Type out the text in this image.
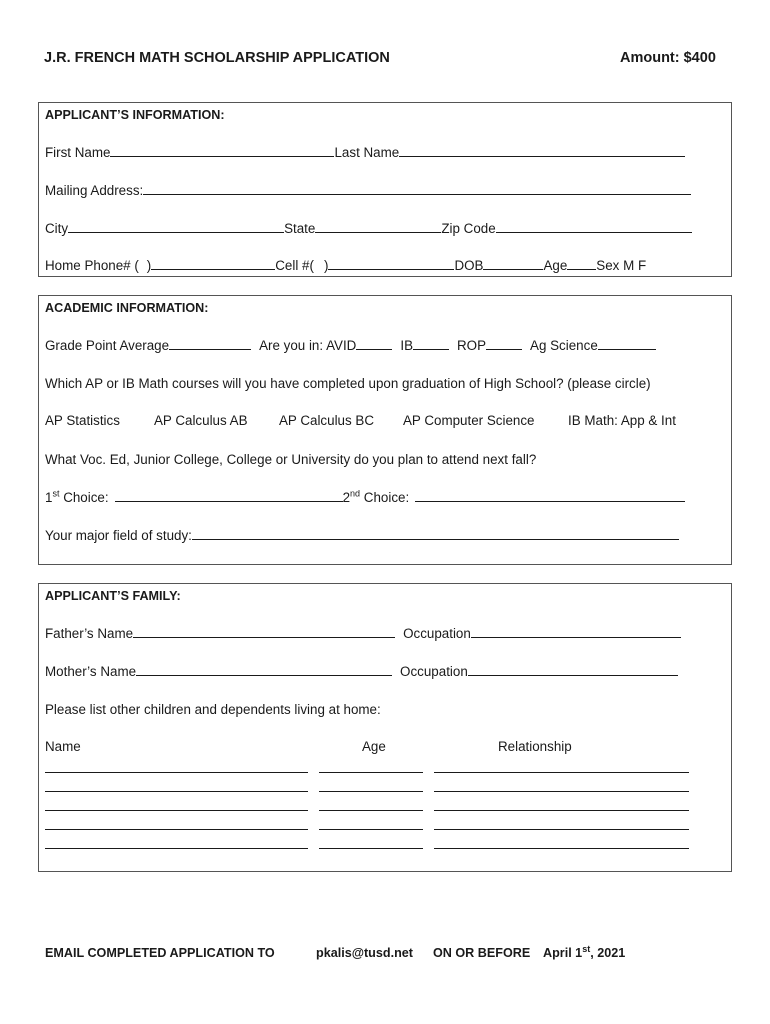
J.R. FRENCH MATH SCHOLARSHIP APPLICATION	Amount: $400
APPLICANT’S INFORMATION:
First Name	Last Name
Mailing Address:
City	State	Zip Code
Home Phone# ( )	Cell #( )	DOB	Age Sex M F
ACADEMIC INFORMATION:
Grade Point Average	Are you in: AVID	IB	ROP	Ag Science
Which AP or IB Math courses will you have completed upon graduation of High School? (please circle)
AP Statistics	AP Calculus AB AP Calculus BC AP Computer Science	IB Math: App & Int
What Voc. Ed, Junior College, College or University do you plan to attend next fall?
1st Choice:	2nd Choice:
Your major field of study:
APPLICANT’S FAMILY:
Father’s Name	Occupation
Mother’s Name	Occupation
Please list other children and dependents living at home:
Name	Age	Relationship
EMAIL COMPLETED APPLICATION TO	pkalis@tusd.net ON OR BEFORE April 1st, 2021
